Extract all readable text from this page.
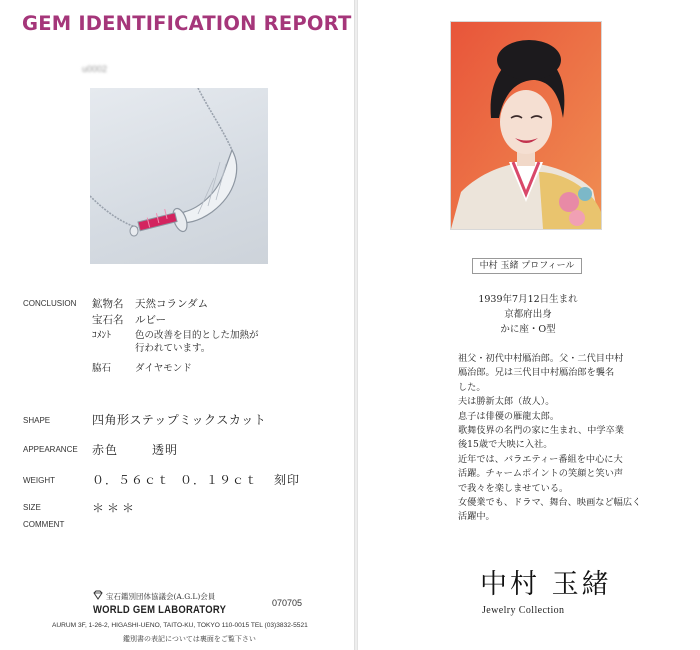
GEM IDENTIFICATION REPORT
u0002
CONCLUSION 鉱物名 天然コランダム
宝石名 ルビー
ｺﾒﾝﾄ	色の改善を目的とした加熱が
行われています。
脇石	ダイヤモンド
SHAPE	四角形ステップミックスカット
APPEARANCE 赤色	透明
WEIGHT	０．５６ｃｔ ０．１９ｃｔ 刻印
SIZE	＊＊＊
COMMENT
宝石鑑別団体協議会(A.G.L)会員
WORLD GEM LABORATORY
070705
AURUM 3F, 1-26-2, HIGASHI-UENO, TAITO-KU, TOKYO 110-0015 TEL (03)3832-5521
鑑別書の表記については裏面をご覧下さい
中村 玉緒 プロフィール
1939年7月12日生まれ
京都府出身
かに座・O型
祖父・初代中村鴈治郎。父・二代目中村
鴈治郎。兄は三代目中村鴈治郎を襲名
した。
夫は勝新太郎（故人）。
息子は俳優の雁龍太郎。
歌舞伎界の名門の家に生まれ、中学卒業
後15歳で大映に入社。
近年では、バラエティー番組を中心に大
活躍。チャームポイントの笑顔と笑い声
で我々を楽しませている。
女優業でも、ドラマ、舞台、映画など幅広く
活躍中。
中村 玉緒
Jewelry Collection
